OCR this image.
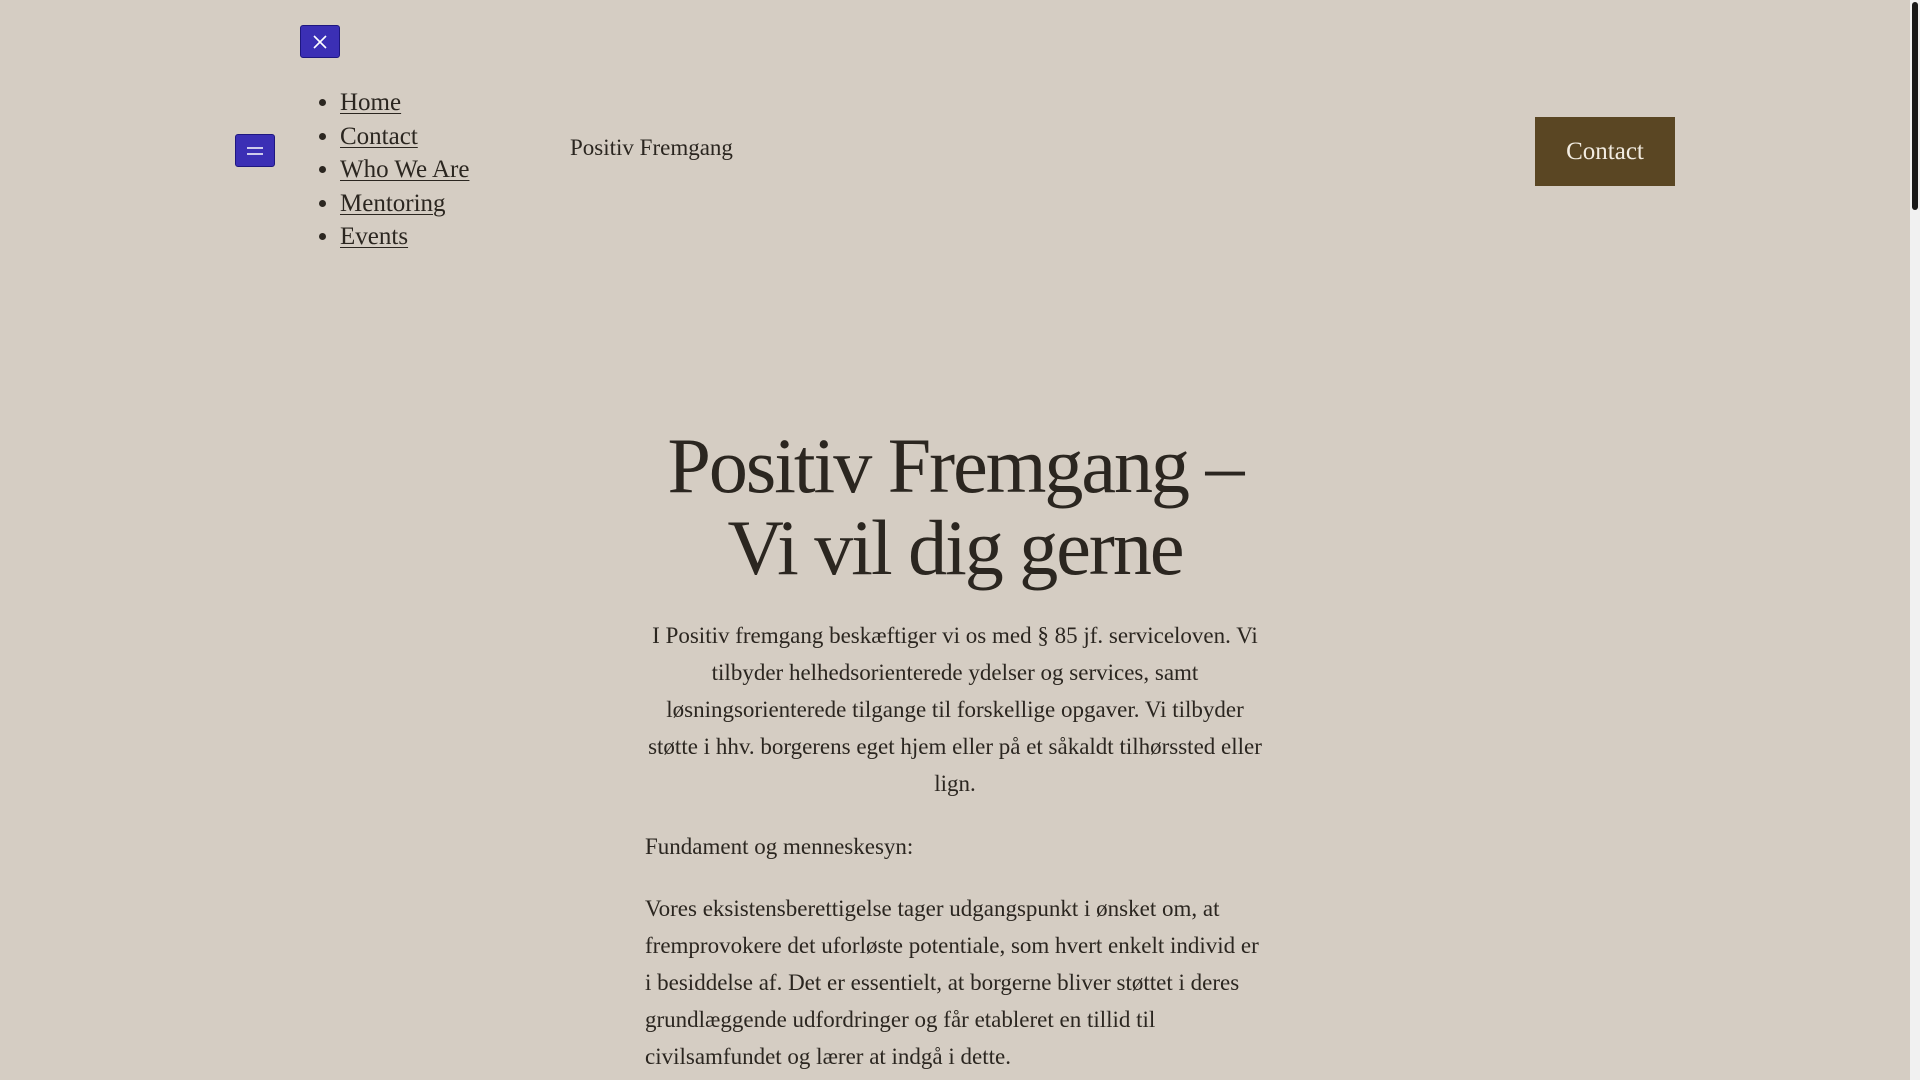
• Home
• Contact
• Who We Are
• Mentoring
• Events
Positiv Fremgang	Contact
Positiv Fremgang – Vi vil dig gerne

I Positiv fremgang beskæftiger vi os med § 85 jf. serviceloven. Vi tilbyder helhedsorienterede ydelser og services, samt løsningsorienterede tilgange til forskellige opgaver. Vi tilbyder støtte i hhv. borgerens eget hjem eller på et såkaldt tilhørssted eller lign.

Fundament og menneskesyn:

Vores eksistensberettigelse tager udgangspunkt i ønsket om, at fremprovokere det uforløste potentiale, som hvert enkelt individ er i besiddelse af. Det er essentielt, at borgerne bliver støttet i deres grundlæggende udfordringer og får etableret en tillid til civilsamfundet og lærer at indgå i dette.
